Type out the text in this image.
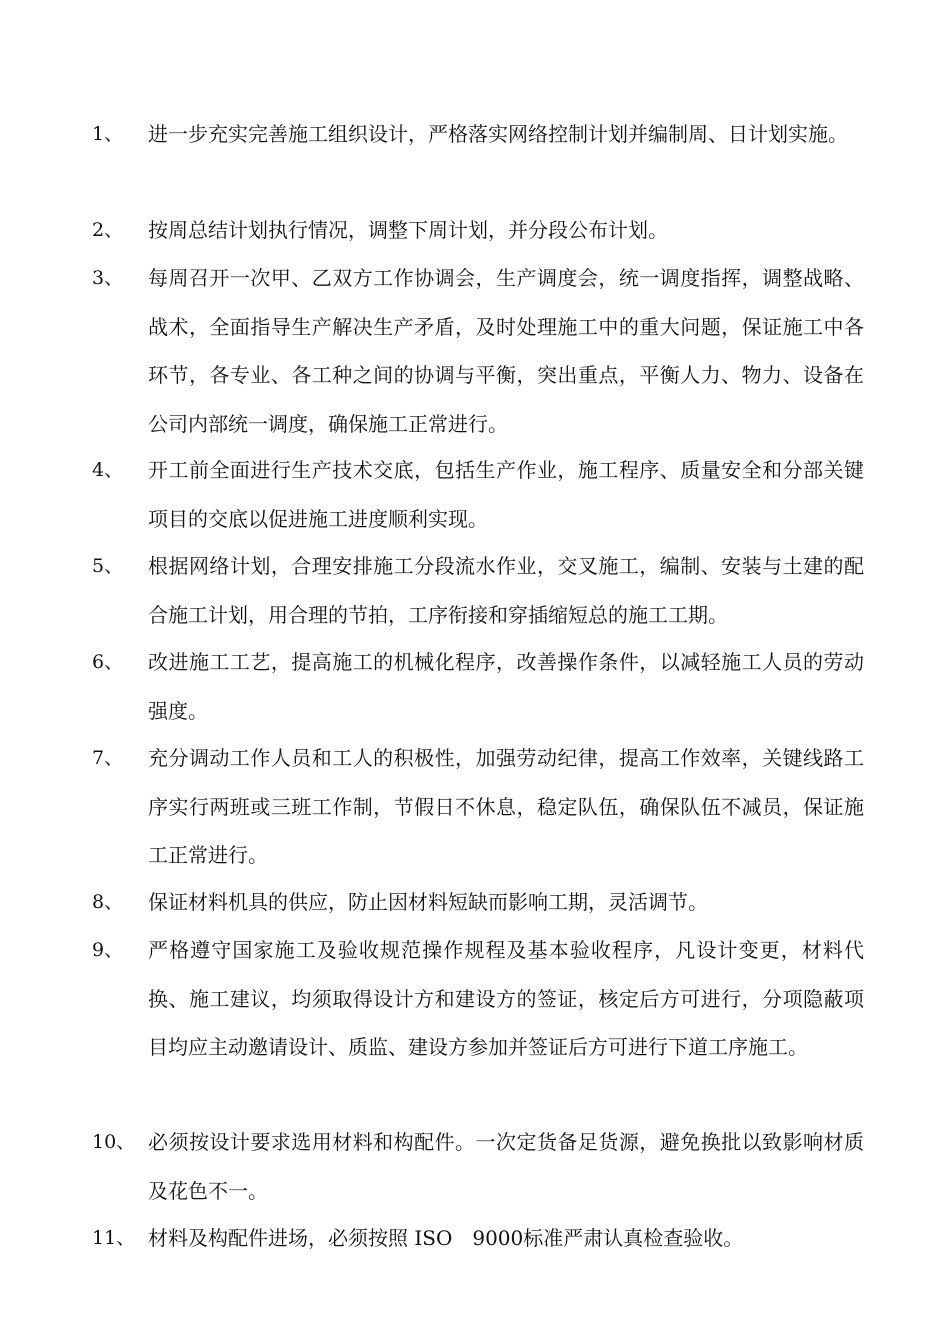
1、 进一步充实完善施工组织设计，严格落实网络控制计划并编制周、日计划实施。
2、 按周总结计划执行情况，调整下周计划，并分段公布计划。
3、 每周召开一次甲、乙双方工作协调会，生产调度会，统一调度指挥，调整战略、战术，全面指导生产解决生产矛盾，及时处理施工中的重大问题，保证施工中各环节，各专业、各工种之间的协调与平衡，突出重点，平衡人力、物力、设备在公司内部统一调度，确保施工正常进行。
4、 开工前全面进行生产技术交底，包括生产作业，施工程序、质量安全和分部关键项目的交底以促进施工进度顺利实现。
5、 根据网络计划，合理安排施工分段流水作业，交叉施工，编制、安装与土建的配合施工计划，用合理的节拍，工序衔接和穿插缩短总的施工工期。
6、 改进施工工艺，提高施工的机械化程序，改善操作条件，以减轻施工人员的劳动强度。
7、 充分调动工作人员和工人的积极性，加强劳动纪律，提高工作效率，关键线路工序实行两班或三班工作制，节假日不休息，稳定队伍，确保队伍不减员，保证施工正常进行。
8、 保证材料机具的供应，防止因材料短缺而影响工期，灵活调节。
9、 严格遵守国家施工及验收规范操作规程及基本验收程序，凡设计变更，材料代换、施工建议，均须取得设计方和建设方的签证，核定后方可进行，分项隐蔽项目均应主动邀请设计、质监、建设方参加并签证后方可进行下道工序施工。
10、 必须按设计要求选用材料和构配件。一次定货备足货源，避免换批以致影响材质及花色不一。
11、 材料及构配件进场，必须按照 ISO　9000标准严肃认真检查验收。
